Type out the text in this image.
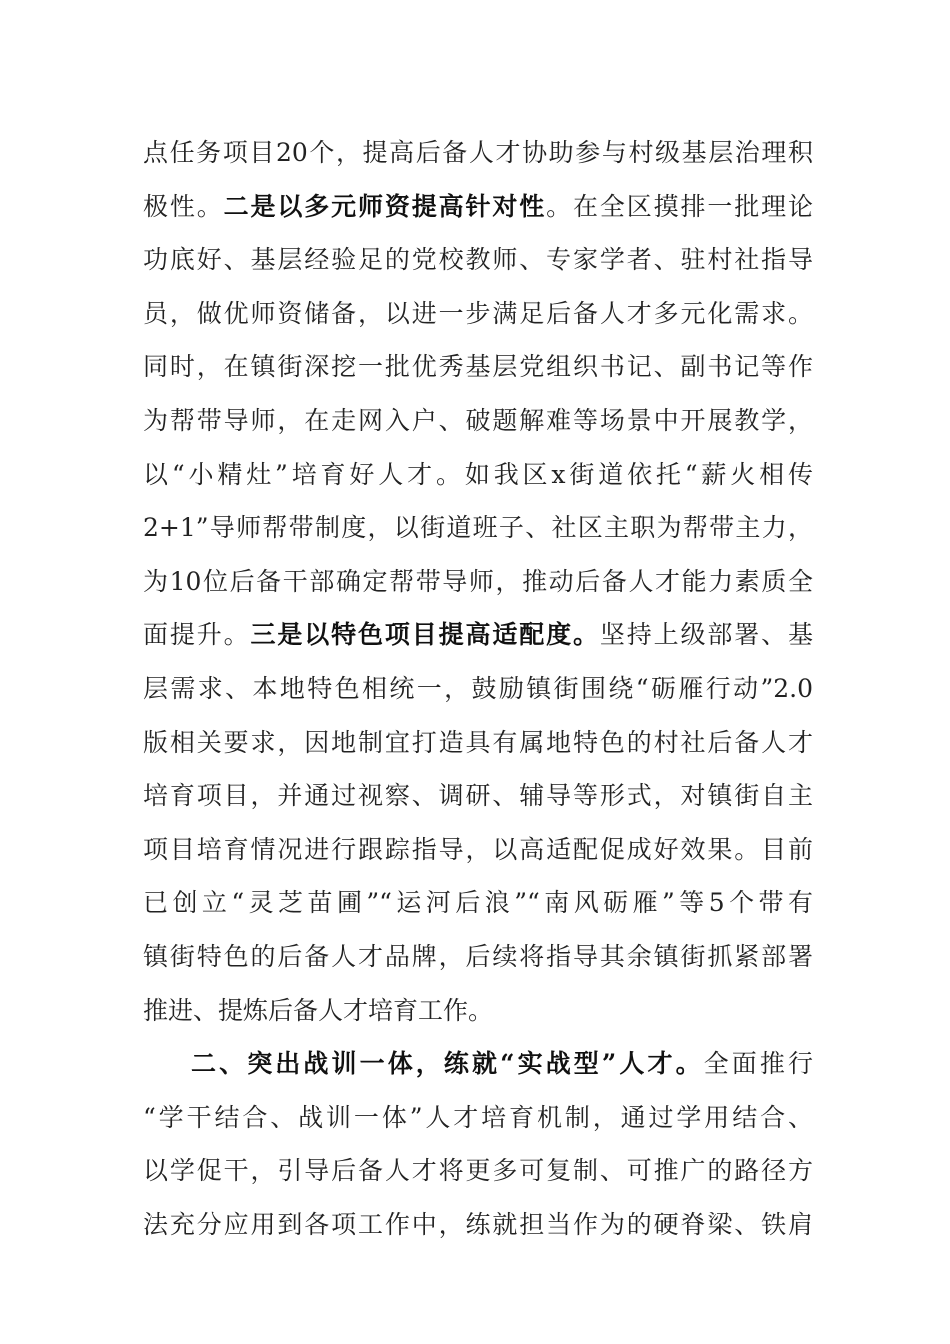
点任务项目20个，提高后备人才协助参与村级基层治理积
极性。二是以多元师资提高针对性。在全区摸排一批理论
功底好、基层经验足的党校教师、专家学者、驻村社指导
员，做优师资储备，以进一步满足后备人才多元化需求。
同时，在镇街深挖一批优秀基层党组织书记、副书记等作
为帮带导师，在走网入户、破题解难等场景中开展教学，
以“小精灶”培育好人才。如我区x街道依托“薪火相传
2+1”导师帮带制度，以街道班子、社区主职为帮带主力，
为10位后备干部确定帮带导师，推动后备人才能力素质全
面提升。三是以特色项目提高适配度。坚持上级部署、基
层需求、本地特色相统一，鼓励镇街围绕“砺雁行动”2.0
版相关要求，因地制宜打造具有属地特色的村社后备人才
培育项目，并通过视察、调研、辅导等形式，对镇街自主
项目培育情况进行跟踪指导，以高适配促成好效果。目前
已创立“灵芝苗圃”“运河后浪”“南风砺雁”等5个带有
镇街特色的后备人才品牌，后续将指导其余镇街抓紧部署
推进、提炼后备人才培育工作。
二、突出战训一体，练就“实战型”人才。全面推行
“学干结合、战训一体”人才培育机制，通过学用结合、
以学促干，引导后备人才将更多可复制、可推广的路径方
法充分应用到各项工作中，练就担当作为的硬脊梁、铁肩
